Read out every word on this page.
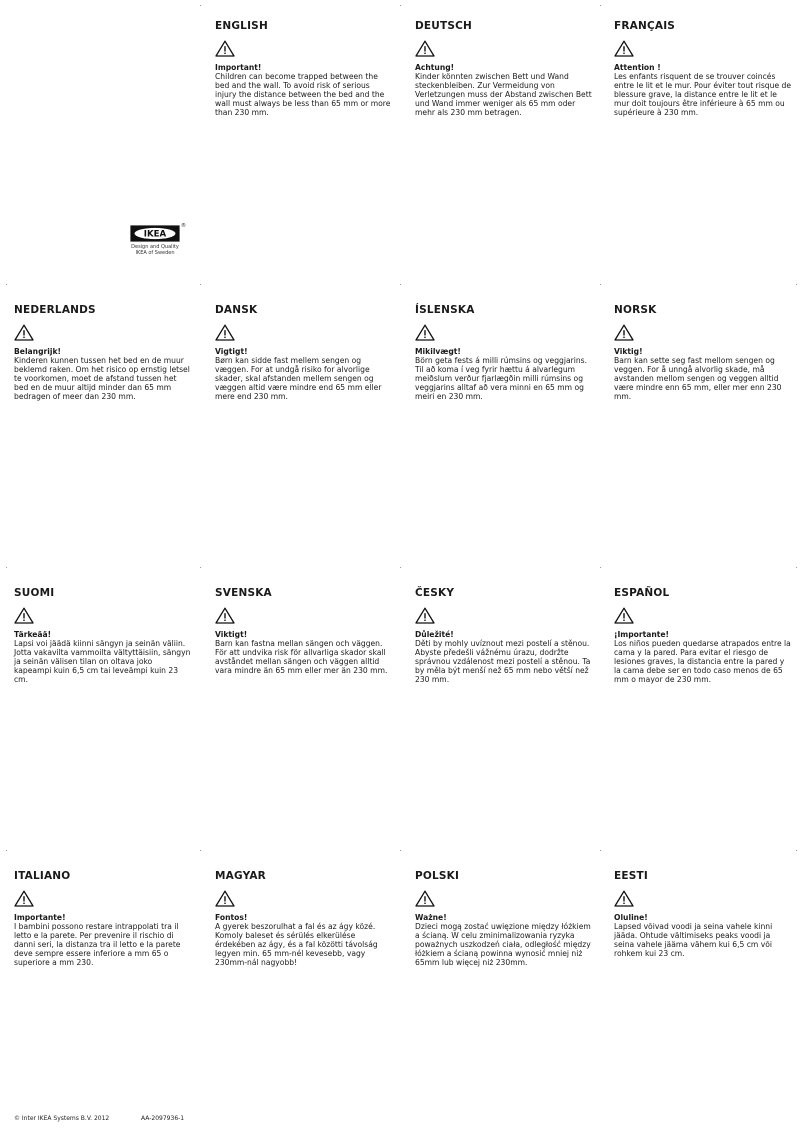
IKEA
®
Design and Quality
IKEA of Sweden
ENGLISH
Important!
Children can become trapped between the bed and the wall. To avoid risk of serious injury the distance between the bed and the wall must always be less than 65 mm or more than 230 mm.
DEUTSCH
Achtung!
Kinder könnten zwischen Bett und Wand steckenbleiben. Zur Vermeidung von Verletzungen muss der Abstand zwischen Bett und Wand immer weniger als 65 mm oder mehr als 230 mm betragen.
FRANÇAIS
Attention !
Les enfants risquent de se trouver coincés entre le lit et le mur. Pour éviter tout risque de blessure grave, la distance entre le lit et le mur doit toujours être inférieure à 65 mm ou supérieure à 230 mm.
NEDERLANDS
Belangrijk!
Kinderen kunnen tussen het bed en de muur beklemd raken. Om het risico op ernstig letsel te voorkomen, moet de afstand tussen het bed en de muur altijd minder dan 65 mm bedragen of meer dan 230 mm.
DANSK
Vigtigt!
Børn kan sidde fast mellem sengen og væggen. For at undgå risiko for alvorlige skader, skal afstanden mellem sengen og væggen altid være mindre end 65 mm eller mere end 230 mm.
ÍSLENSKA
Mikilvægt!
Börn geta fests á milli rúmsins og veggjarins. Til að koma í veg fyrir hættu á alvarlegum meiðslum verður fjarlægðin milli rúmsins og veggjarins alltaf að vera minni en 65 mm og meiri en 230 mm.
NORSK
Viktig!
Barn kan sette seg fast mellom sengen og veggen. For å unngå alvorlig skade, må avstanden mellom sengen og veggen alltid være mindre enn 65 mm, eller mer enn 230 mm.
SUOMI
Tärkeää!
Lapsi voi jäädä kiinni sängyn ja seinän väliin. Jotta vakavilta vammoilta vältyttäisiin, sängyn ja seinän välisen tilan on oltava joko kapeampi kuin 6,5 cm tai leveämpi kuin 23 cm.
SVENSKA
Viktigt!
Barn kan fastna mellan sängen och väggen. För att undvika risk för allvarliga skador skall avståndet mellan sängen och väggen alltid vara mindre än 65 mm eller mer än 230 mm.
ČESKY
Důležité!
Děti by mohly uvíznout mezi postelí a stěnou. Abyste předešli vážnému úrazu, dodržte správnou vzdálenost mezi postelí a stěnou. Ta by měla být menší než 65 mm nebo větší než 230 mm.
ESPAÑOL
¡Importante!
Los niños pueden quedarse atrapados entre la cama y la pared. Para evitar el riesgo de lesiones graves, la distancia entre la pared y la cama debe ser en todo caso menos de 65 mm o mayor de 230 mm.
ITALIANO
Importante!
I bambini possono restare intrappolati tra il letto e la parete. Per prevenire il rischio di danni seri, la distanza tra il letto e la parete deve sempre essere inferiore a mm 65 o superiore a mm 230.
MAGYAR
Fontos!
A gyerek beszorulhat a fal és az ágy közé. Komoly baleset és sérülés elkerülése érdekében az ágy, és a fal közötti távolság legyen min. 65 mm-nél kevesebb, vagy 230mm-nál nagyobb!
POLSKI
Ważne!
Dzieci mogą zostać uwięzione między łóżkiem a ścianą. W celu zminimalizowania ryzyka poważnych uszkodzeń ciała, odległość między łóżkiem a ścianą powinna wynosić mniej niż 65mm lub więcej niż 230mm.
EESTI
Oluline!
Lapsed võivad voodi ja seina vahele kinni jääda. Ohtude vältimiseks peaks voodi ja seina vahele jääma vähem kui 6,5 cm või rohkem kui 23 cm.
© Inter IKEA Systems B.V. 2012	AA-2097936-1
